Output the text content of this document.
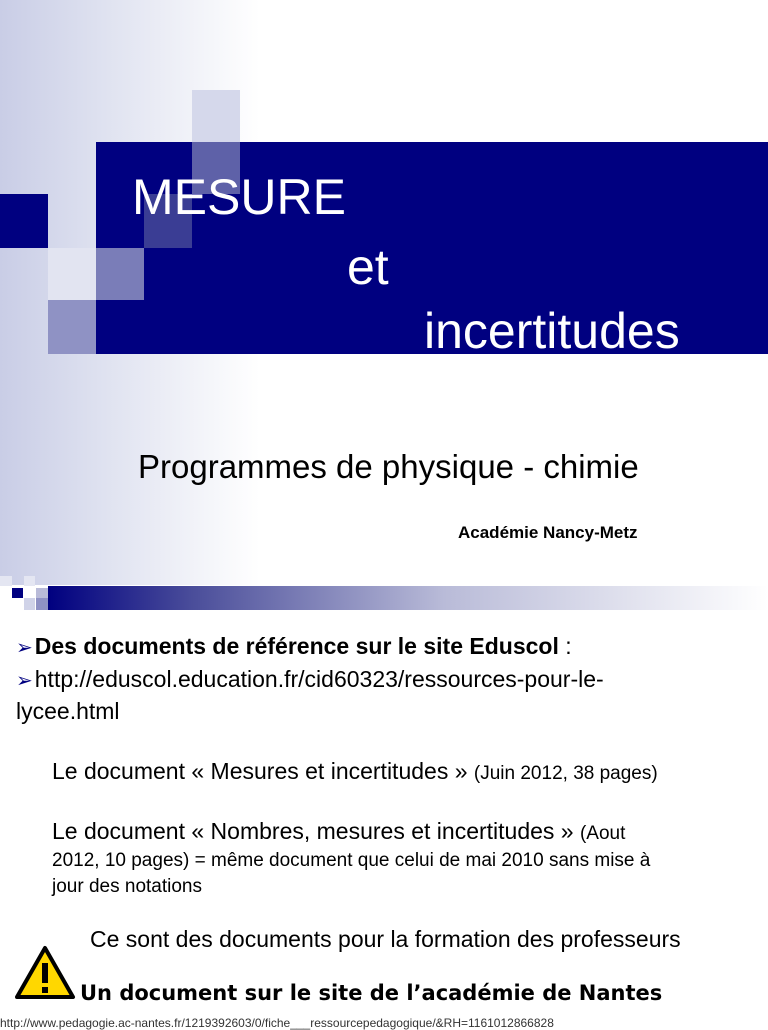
MESURE
et
incertitudes
Programmes de physique - chimie
Académie Nancy-Metz
➢Des documents de référence sur le site Eduscol :
➢http://eduscol.education.fr/cid60323/ressources-pour-le-
lycee.html
Le document « Mesures et incertitudes » (Juin 2012, 38 pages)
Le document « Nombres, mesures et incertitudes » (Aout
2012, 10 pages) = même document que celui de mai 2010 sans mise à
jour des notations
Ce sont des documents pour la formation des professeurs
Un document sur le site de l’académie de Nantes
http://www.pedagogie.ac-nantes.fr/1219392603/0/fiche___ressourcepedagogique/&RH=1161012866828
